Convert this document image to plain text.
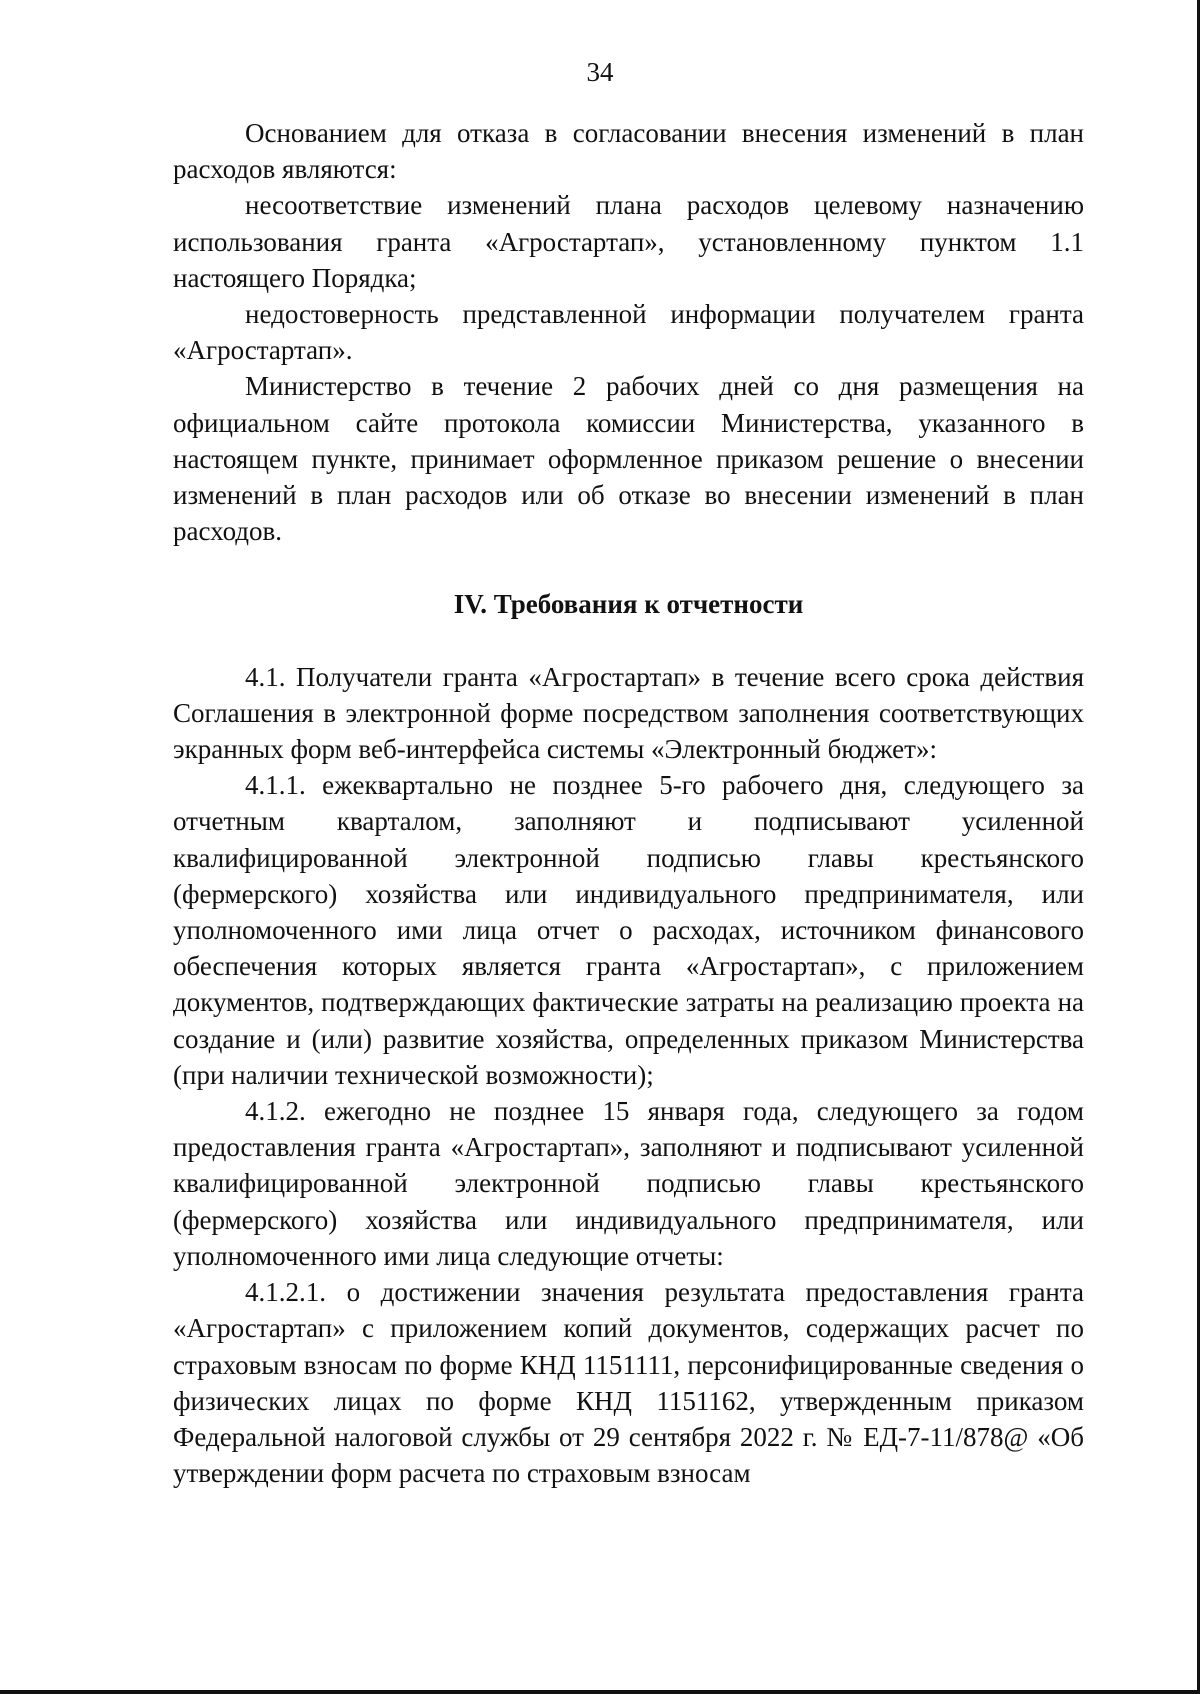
34

Основанием для отказа в согласовании внесения изменений в план расходов являются:

несоответствие изменений плана расходов целевому назначению использования гранта «Агростартап», установленному пунктом 1.1 настоящего Порядка;

недостоверность представленной информации получателем гранта «Агростартап».

Министерство в течение 2 рабочих дней со дня размещения на официальном сайте протокола комиссии Министерства, указанного в настоящем пункте, принимает оформленное приказом решение о внесении изменений в план расходов или об отказе во внесении изменений в план расходов.

IV. Требования к отчетности

4.1. Получатели гранта «Агростартап» в течение всего срока действия Соглашения в электронной форме посредством заполнения соответствующих экранных форм веб-интерфейса системы «Электронный бюджет»:

4.1.1. ежеквартально не позднее 5-го рабочего дня, следующего за отчетным кварталом, заполняют и подписывают усиленной квалифицированной электронной подписью главы крестьянского (фермерского) хозяйства или индивидуального предпринимателя, или уполномоченного ими лица отчет о расходах, источником финансового обеспечения которых является гранта «Агростартап», с приложением документов, подтверждающих фактические затраты на реализацию проекта на создание и (или) развитие хозяйства, определенных приказом Министерства (при наличии технической возможности);

4.1.2. ежегодно не позднее 15 января года, следующего за годом предоставления гранта «Агростартап», заполняют и подписывают усиленной квалифицированной электронной подписью главы крестьянского (фермерского) хозяйства или индивидуального предпринимателя, или уполномоченного ими лица следующие отчеты:

4.1.2.1. о достижении значения результата предоставления гранта «Агростартап» с приложением копий документов, содержащих расчет по страховым взносам по форме КНД 1151111, персонифицированные сведения о физических лицах по форме КНД 1151162, утвержденным приказом Федеральной налоговой службы от 29 сентября 2022 г. № ЕД-7-11/878@ «Об утверждении форм расчета по страховым взносам
